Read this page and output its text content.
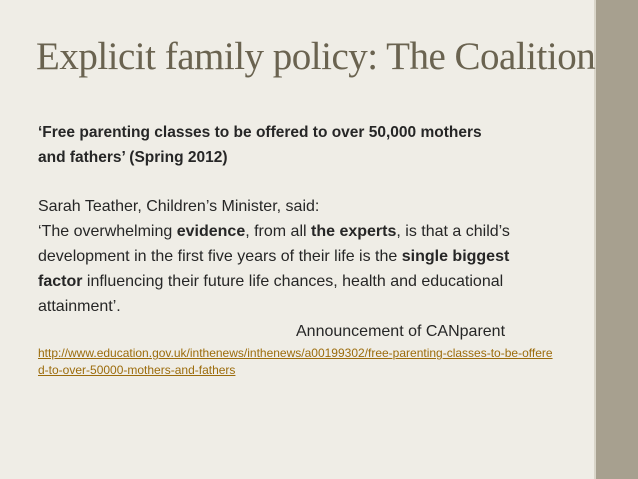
Explicit family policy: The Coalition

‘Free parenting classes to be offered to over 50,000 mothers
and fathers’ (Spring 2012)

Sarah Teather, Children’s Minister, said:

‘The overwhelming evidence, from all the experts, is that a child’s development in the first five years of their life is the single biggest factor influencing their future life chances, health and educational attainment’.

Announcement of CANparent

http://www.education.gov.uk/inthenews/inthenews/a00199302/free-parenting-classes-to-be-offered-to-over-50000-mothers-and-fathers
